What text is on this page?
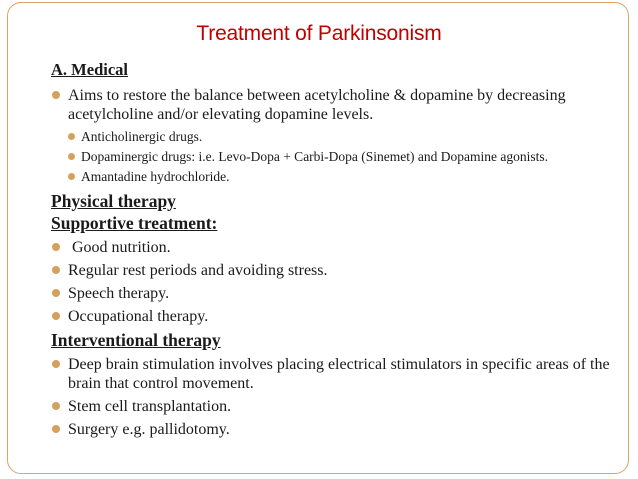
Treatment of Parkinsonism
A. Medical
Aims to restore the balance between acetylcholine & dopamine by decreasing acetylcholine and/or elevating dopamine levels.
Anticholinergic drugs.
Dopaminergic drugs: i.e. Levo-Dopa + Carbi-Dopa (Sinemet) and Dopamine agonists.
Amantadine hydrochloride.
Physical therapy
Supportive treatment:
Good nutrition.
Regular rest periods and avoiding stress.
Speech therapy.
Occupational therapy.
Interventional therapy
Deep brain stimulation involves placing electrical stimulators in specific areas of the brain that control movement.
Stem cell transplantation.
Surgery e.g. pallidotomy.
